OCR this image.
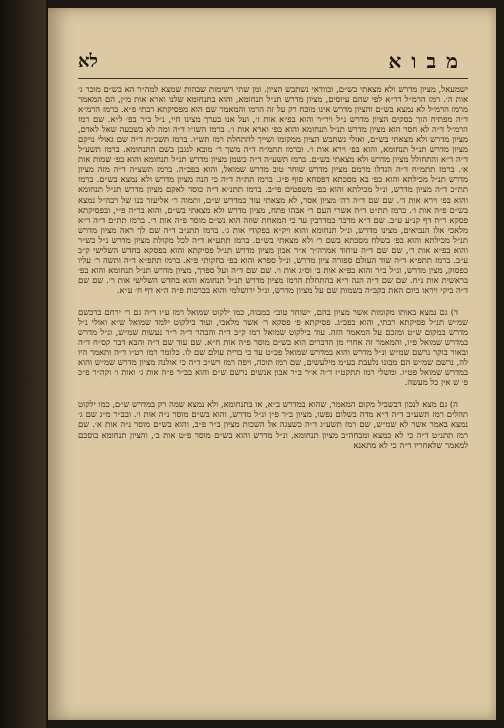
מבוא
לא

ישמעאל, מציון מדרש ולא מצאתי בש״ם, ובוודאי נשתבש הציון. ומן שתי רשימות שבהות שמצא למה״ר הא בש״ם מוכר ג׳ אות ה׳. רמז הרמ״ל דר״א לפי שהם עיוסים, מציון מדרש תנ״ל תנחומא, והוא בתנחומא שלנו וארא אות מ״ן, הם המאמר מרמז הרמ״ל לא נמצא בש״ם והציון מדרש אינו מוכח רק על זה הרמו והמאמר שם הוא מפסיקתא רבתי פ״א. ברמז הרמ״א ד״ה מפתיח הוך בסקים הציון מדרש נ״ל ויר״ר והוא בפ״א אות ז׳, ועל אנו בערך מצינו חיי, נ״ל ב״ר בפ׳ ל״א. שם רמז הרמ״ל ד״ה לא חסר הוא מציון מדרש תנ״ל תנחומא והוא בפ׳ וארא אות ו׳. ברמז השז״ו ד״ה ומה לא בשבעה שאל לאדם, מציון מדרש ולא מצאתי בש״ם, ואולי נשתבש הציון ממקומו ושייך להתחלת רמז תש״ו. ברמז תשכ״ח ד״ה שם גאולי נויקם מציון מדרש תנ״ל תנחומא, והוא בפ׳ וירא אות ו׳. וברמז תתמ״ח ד״ה משך ר׳ מובא לנגבן בשם התנחומא. ברמז תשע״ל ד״ה ד״א והתחולל מציון מדרש ולא מצאתי בש״ם. ברמז תשע״ה ד״ה כשמן מציון מדרש תנ״ל תנחומא והוא בפ׳ שמות אות א׳. ברמז תתמ״ח ד״ה הגדלו מרמם מציון מדרש שוחר טוב מדרש שמואל, והוא בפכ״ה. ברמז תשצ״ה ד״ה מזה מציון מדרש תנ״ל מכילתא והוא בפ׳ בא מסכתא דפסחא סוף פ״ג. ברמז תת״ה ד״ה כי הנה מציון מדרש ולא נמצא בש״ם. ברמז תת״כ ד״ה מציון מדרש, ונ״ל מכילתא והוא בפ׳ משפטים פי״ב. ברמז תתנ״א ד״ה כוסר לאקם מציון מדרש תנ״ל תנחומא והוא בפ׳ וירא אות ד׳. שם שם ד״ה רה׳ מציון אסר, לא מצאתי עוד במדרש ש״ם, ותמוה ר׳ אליעזר בנו של רבה״ל נמצא בש״ם פ״ה אות ו׳. ברמז תת״ט ד״ה אשרי העם ר׳ אבהו פתח, מציון מדרש ולא מצאתי בש״ם, והוא בר״ה פ״י, ובפסיקתא פסקא ר״ח דף קנ״ע ע״ב. שם ד״א מדבר במדרבין עד כי המאחת שוזה הוא נש״ם מוסר פ״ה אות ר׳. ברמז תת״ם ד״ה ר״א מלאכי אלו הנביאים, מצינו מדרש, ונ״ל תנחומא והוא ויק״א בפקודי אות ג׳. ברמז תתנ״ב ד״ה שם לך ראה מציון מדרש תנ״ל מכילתא והוא בפ׳ בשלח מסכתא בשם ר׳ ולא מצאתי בש״ם. ברמז תתע״א ד״ה לכל מקולת מציון מדרש נ״ל בש״ר והוא בפ״א אות ר׳, שם שם ד״ה עיחוד אמרה״ך א״ר אבון מציון מדרש תנ״ל פסיקתא והוא בפסקא בחדש השלישי ק״ב ע״ב. ברמז תתפ״א ד״ה שוד העולם ספורה ציון מדרש, ונ״ל ספרא והוא בפ׳ בחקותי פ״א. ברמז תתפ״א ד״ה ותשה ר׳ עליו כפסוק, מצין מדרש, ונ״ל ב״ר והוא בפ״א אות ב׳ וס״ג אות ו׳. שם שם ד״ה ועל ספרך, מציון מדרש תנ״ל תנחומא והוא בפ׳ בראשית אות נ״ח. שם שם ד״ה הנה ר״א בהתחלת הרמז מציון מדרש תנ״ל תנחומא והוא בחדש השלישי אות ר׳. שם שם ד״ה ביקי ויראו ביום האת בקב״ה בשמות שם על מציון מדרש, ונ״ל ירושלמי והוא בברכות פ״ה ה״א דף ח׳ ע״א.

ד) גם נמצא באותו מקומות אשר מציון בהם, ״שוחר טוב״ במבוה, כמו ילקוט שמואל רמז ע״ו ד״ה גם ר׳ ירחם ברכשם שמ״ש תנ״ל פסיקתא רבתי, והוא בפכ״ג. פסיקתא פ׳ פסקא ר׳ אשר מלאכי, ועוד בילקוט ילמד שמואל ש״א ואולי נ״ל מדרש במקום ש״ט ומזכם על המאמר הזה. עוד בילקוט שמואל רמז ק״ב ד״ה והבהר ד״ה ר״ר נעשות שמ״ש, ונ״ל מדרש במדרש שמואל פ״ו, והמאמר זה אחרי מן הדברים הוא בש״ם מוסר פ״ה אות ח״א. שם עוד שם ד״ה והבא דבר קס״ח ד״ה ובאור בוקר נרשם שמ״ש ונ״ל מדרש והוא במדרש שמואל פכ״ט עד כי ברית עולם שם לו. כלומר רמז רט״ו ד״ה ותאמר היו לה, נרשם שמ״ש הם מבונו נלעבת בע״מ מילעשים, שם רמז תוכה, ויפה רמז רש״כ ד״ה כי אולנה מציון מדרש שמ״ש והוא במדרש שמואל פט״ו. ומשלי רמז תתקט״ז ד״ה א״ר ב״ר אבון אנשים נרשם ש״ם והוא בב״ר פ״ה אות ג׳ ואות ו׳ וקה״ר פ״ב פ׳ ש אין כל מעשה.

ה) גם מצא לנכון דבשביל מקום המאמר, שהוא במדרש ב״א, או בתנחומא, ולא נמצא שמה רק במדרש ש״ם, כמו ילקוט תהלים רמז תשע״ב ד״ה ד״א מדה בשלום נפשו, מציון ב״ר פ״ן ונ״ל מדרש, והוא בש״ם מוסר נ״ה אות ו׳. ובב״ר מ״ג שם ג׳ נמצא באמר אשר לא שמ״ש, שם רמז תשע״ג ד״ה כשצגה אל השכות מציון ב״ר פ״ב, והוא בש״ם מוסר נ״ה אות א׳. שם רמז תתנ״ט ד״ה כי לא כמצא ומבחה״ב מציון תנחומא, ונ״ל מדרש והוא בש״ם מוסר פ״ט אות ב׳, והציון תנחומא בוסכם למאמר שלאחריו ד״ה כי לא מתאנא
